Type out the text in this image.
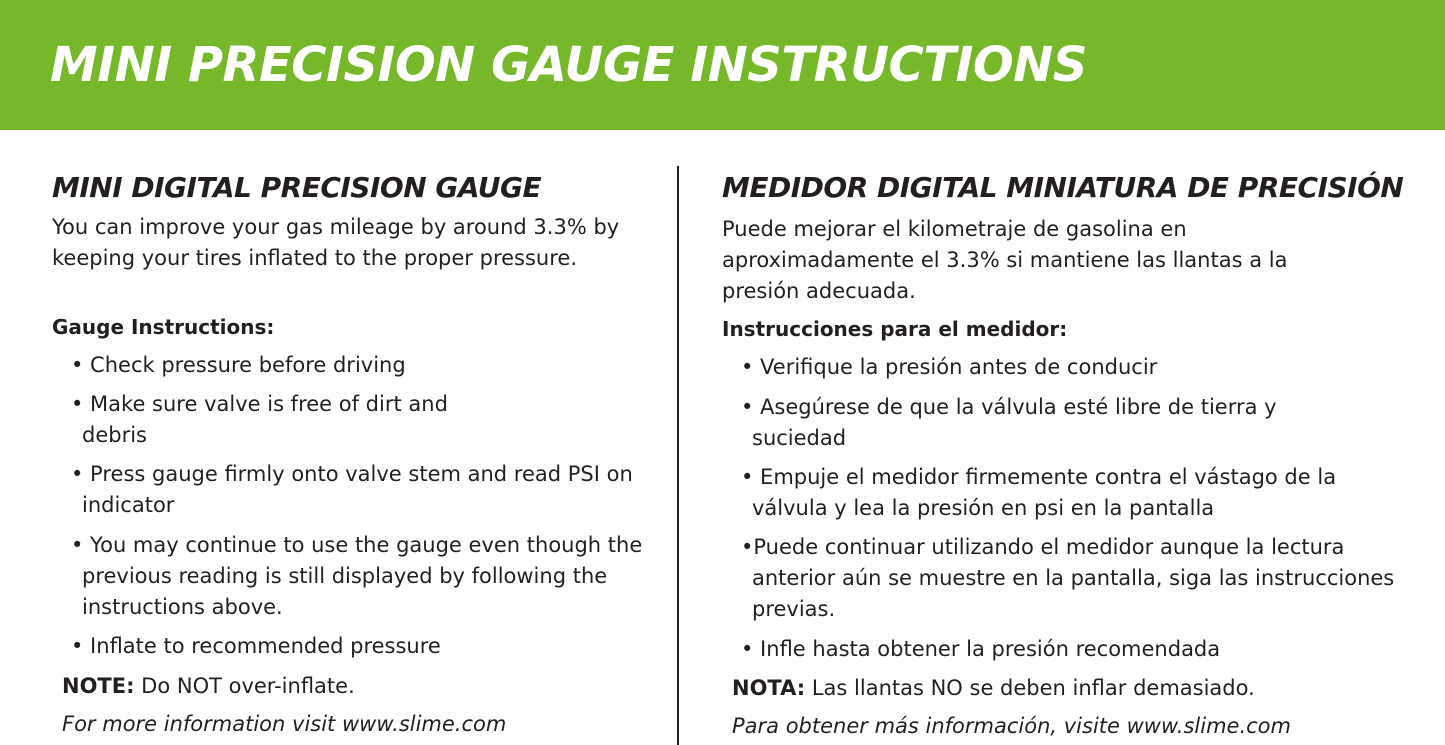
MINI PRECISION GAUGE INSTRUCTIONS
MINI DIGITAL PRECISION GAUGE

You can improve your gas mileage by around 3.3% by keeping your tires inflated to the proper pressure.

Gauge Instructions:

• Check pressure before driving

• Make sure valve is free of dirt and debris

• Press gauge firmly onto valve stem and read PSI on indicator

• You may continue to use the gauge even though the previous reading is still displayed by following the instructions above.

• Inflate to recommended pressure

NOTE: Do NOT over-inflate.

For more information visit www.slime.com

MEDIDOR DIGITAL MINIATURA DE PRECISIÓN

Puede mejorar el kilometraje de gasolina en aproximadamente el 3.3% si mantiene las llantas a la presión adecuada.

Instrucciones para el medidor:

• Verifique la presión antes de conducir

• Asegúrese de que la válvula esté libre de tierra y suciedad

• Empuje el medidor firmemente contra el vástago de la válvula y lea la presión en psi en la pantalla

•Puede continuar utilizando el medidor aunque la lectura anterior aún se muestre en la pantalla, siga las instrucciones previas.

• Infle hasta obtener la presión recomendada

NOTA: Las llantas NO se deben inflar demasiado.

Para obtener más información, visite www.slime.com
